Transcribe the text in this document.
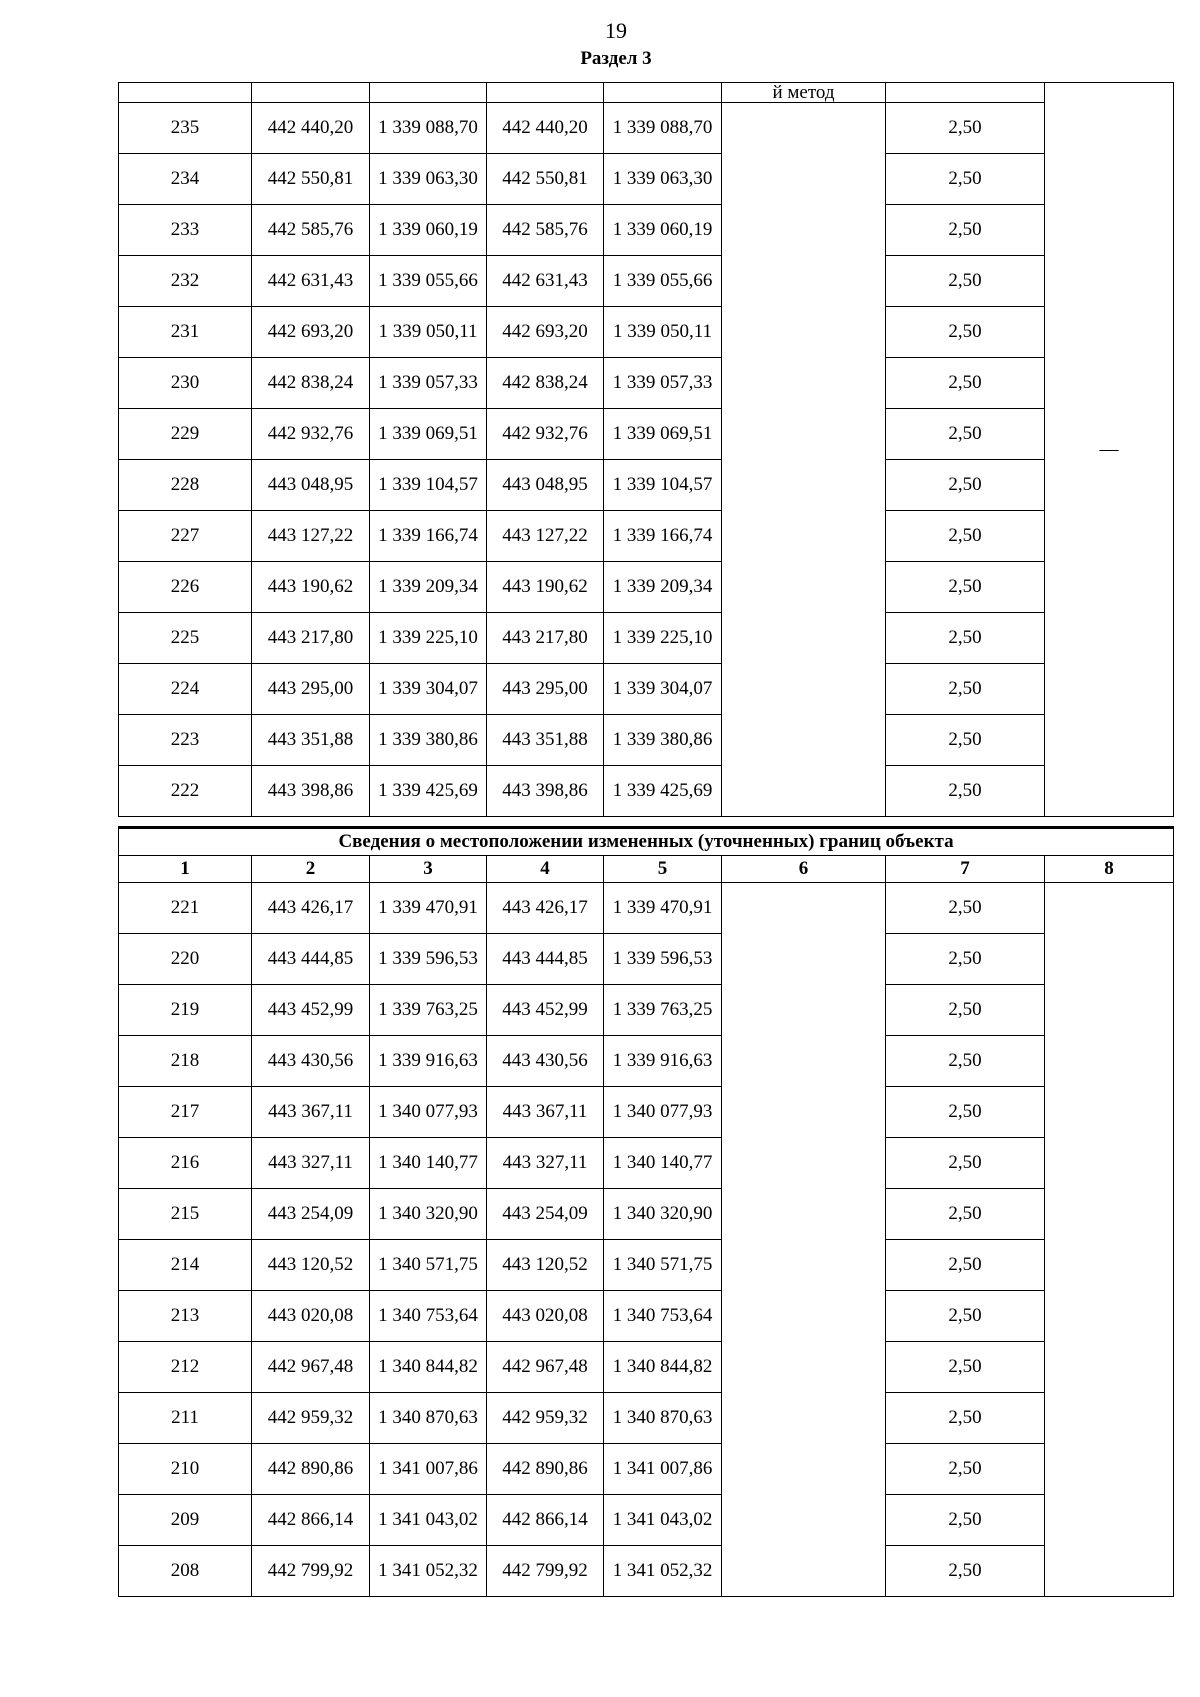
19
Раздел 3

					й метод		—

235	442 440,20	1 339 088,70	442 440,20	1 339 088,70		2,50	
234	442 550,81	1 339 063,30	442 550,81	1 339 063,30		2,50	
233	442 585,76	1 339 060,19	442 585,76	1 339 060,19		2,50	
232	442 631,43	1 339 055,66	442 631,43	1 339 055,66		2,50	
231	442 693,20	1 339 050,11	442 693,20	1 339 050,11		2,50	
230	442 838,24	1 339 057,33	442 838,24	1 339 057,33		2,50	
229	442 932,76	1 339 069,51	442 932,76	1 339 069,51		2,50	
228	443 048,95	1 339 104,57	443 048,95	1 339 104,57		2,50	
227	443 127,22	1 339 166,74	443 127,22	1 339 166,74		2,50	
226	443 190,62	1 339 209,34	443 190,62	1 339 209,34		2,50	
225	443 217,80	1 339 225,10	443 217,80	1 339 225,10		2,50	
224	443 295,00	1 339 304,07	443 295,00	1 339 304,07		2,50	
223	443 351,88	1 339 380,86	443 351,88	1 339 380,86		2,50	
222	443 398,86	1 339 425,69	443 398,86	1 339 425,69		2,50	
Сведения о местоположении измененных (уточненных) границ объекта							
1	2	3	4	5	6	7	8
221	443 426,17	1 339 470,91	443 426,17	1 339 470,91		2,50	
220	443 444,85	1 339 596,53	443 444,85	1 339 596,53		2,50	
219	443 452,99	1 339 763,25	443 452,99	1 339 763,25		2,50	
218	443 430,56	1 339 916,63	443 430,56	1 339 916,63		2,50	
217	443 367,11	1 340 077,93	443 367,11	1 340 077,93		2,50	
216	443 327,11	1 340 140,77	443 327,11	1 340 140,77		2,50	
215	443 254,09	1 340 320,90	443 254,09	1 340 320,90		2,50	
214	443 120,52	1 340 571,75	443 120,52	1 340 571,75		2,50	
213	443 020,08	1 340 753,64	443 020,08	1 340 753,64		2,50	
212	442 967,48	1 340 844,82	442 967,48	1 340 844,82		2,50	
211	442 959,32	1 340 870,63	442 959,32	1 340 870,63		2,50	
210	442 890,86	1 341 007,86	442 890,86	1 341 007,86		2,50	
209	442 866,14	1 341 043,02	442 866,14	1 341 043,02		2,50	
208	442 799,92	1 341 052,32	442 799,92	1 341 052,32		2,50	
